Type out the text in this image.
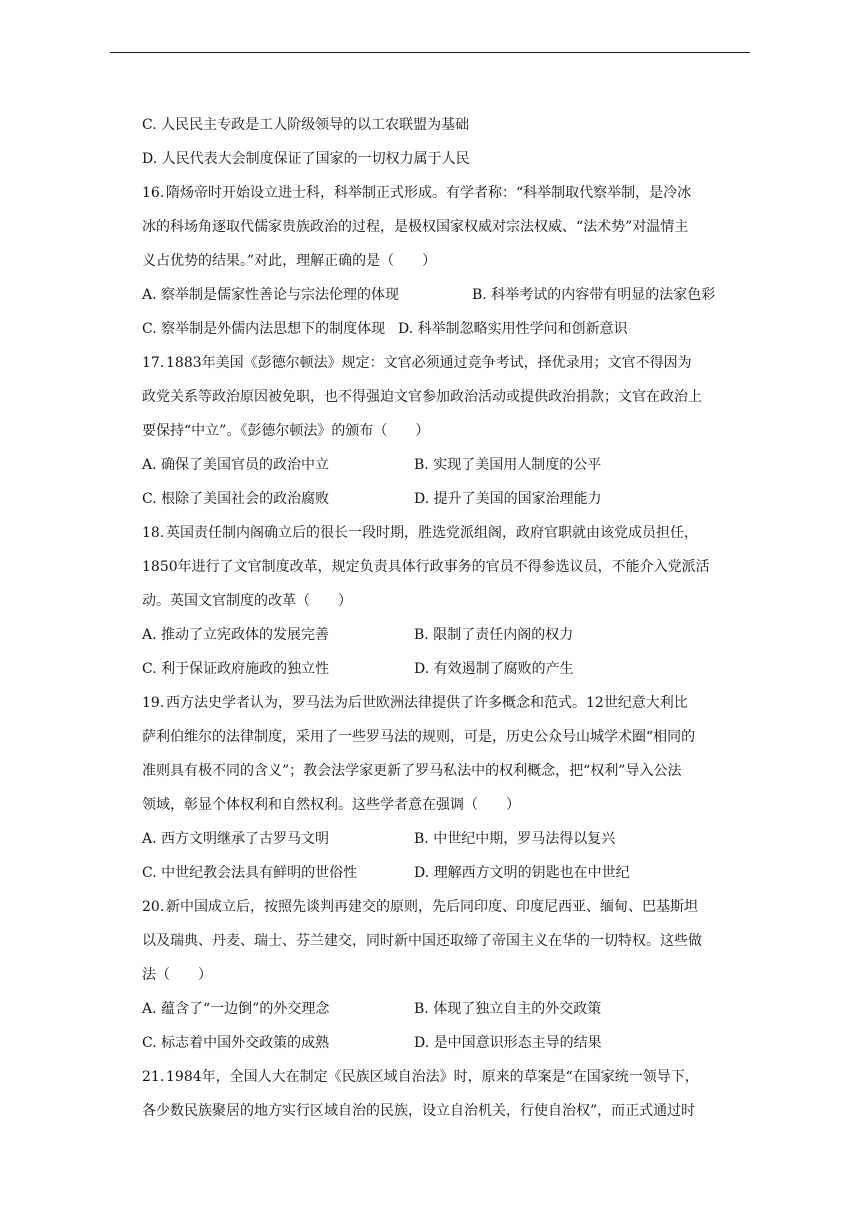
C. 人民民主专政是工人阶级领导的以工农联盟为基础
D. 人民代表大会制度保证了国家的一切权力属于人民
16. 隋炀帝时开始设立进士科，科举制正式形成。有学者称：“科举制取代察举制，是冷冰
冰的科场角逐取代儒家贵族政治的过程，是极权国家权威对宗法权威、“法术势”对温情主
义占优势的结果。”对此，理解正确的是（　　）
A. 察举制是儒家性善论与宗法伦理的体现	B. 科举考试的内容带有明显的法家色彩
C. 察举制是外儒内法思想下的制度体现 D. 科举制忽略实用性学问和创新意识
17. 1883年美国《彭德尔顿法》规定：文官必须通过竞争考试，择优录用；文官不得因为
政党关系等政治原因被免职，也不得强迫文官参加政治活动或提供政治捐款；文官在政治上
要保持“中立”。《彭德尔顿法》的颁布（　　）
A. 确保了美国官员的政治中立	B. 实现了美国用人制度的公平
C. 根除了美国社会的政治腐败	D. 提升了美国的国家治理能力
18. 英国责任制内阁确立后的很长一段时期，胜选党派组阁，政府官职就由该党成员担任，
1850年进行了文官制度改革，规定负责具体行政事务的官员不得参选议员，不能介入党派活
动。英国文官制度的改革（　　）
A. 推动了立宪政体的发展完善	B. 限制了责任内阁的权力
C. 利于保证政府施政的独立性	D. 有效遏制了腐败的产生
19. 西方法史学者认为，罗马法为后世欧洲法律提供了许多概念和范式。12世纪意大利比
萨利伯维尔的法律制度，采用了一些罗马法的规则，可是，历史公众号山城学术圈“相同的
准则具有极不同的含义”；教会法学家更新了罗马私法中的权利概念，把“权利”导入公法
领域，彰显个体权利和自然权利。这些学者意在强调（　　）
A. 西方文明继承了古罗马文明	B. 中世纪中期，罗马法得以复兴
C. 中世纪教会法具有鲜明的世俗性	D. 理解西方文明的钥匙也在中世纪
20. 新中国成立后，按照先谈判再建交的原则，先后同印度、印度尼西亚、缅甸、巴基斯坦
以及瑞典、丹麦、瑞士、芬兰建交，同时新中国还取缔了帝国主义在华的一切特权。这些做
法（　　）
A. 蕴含了“一边倒”的外交理念	B. 体现了独立自主的外交政策
C. 标志着中国外交政策的成熟	D. 是中国意识形态主导的结果
21. 1984年，全国人大在制定《民族区域自治法》时，原来的草案是“在国家统一领导下，
各少数民族聚居的地方实行区域自治的民族，设立自治机关，行使自治权”，而正式通过时
